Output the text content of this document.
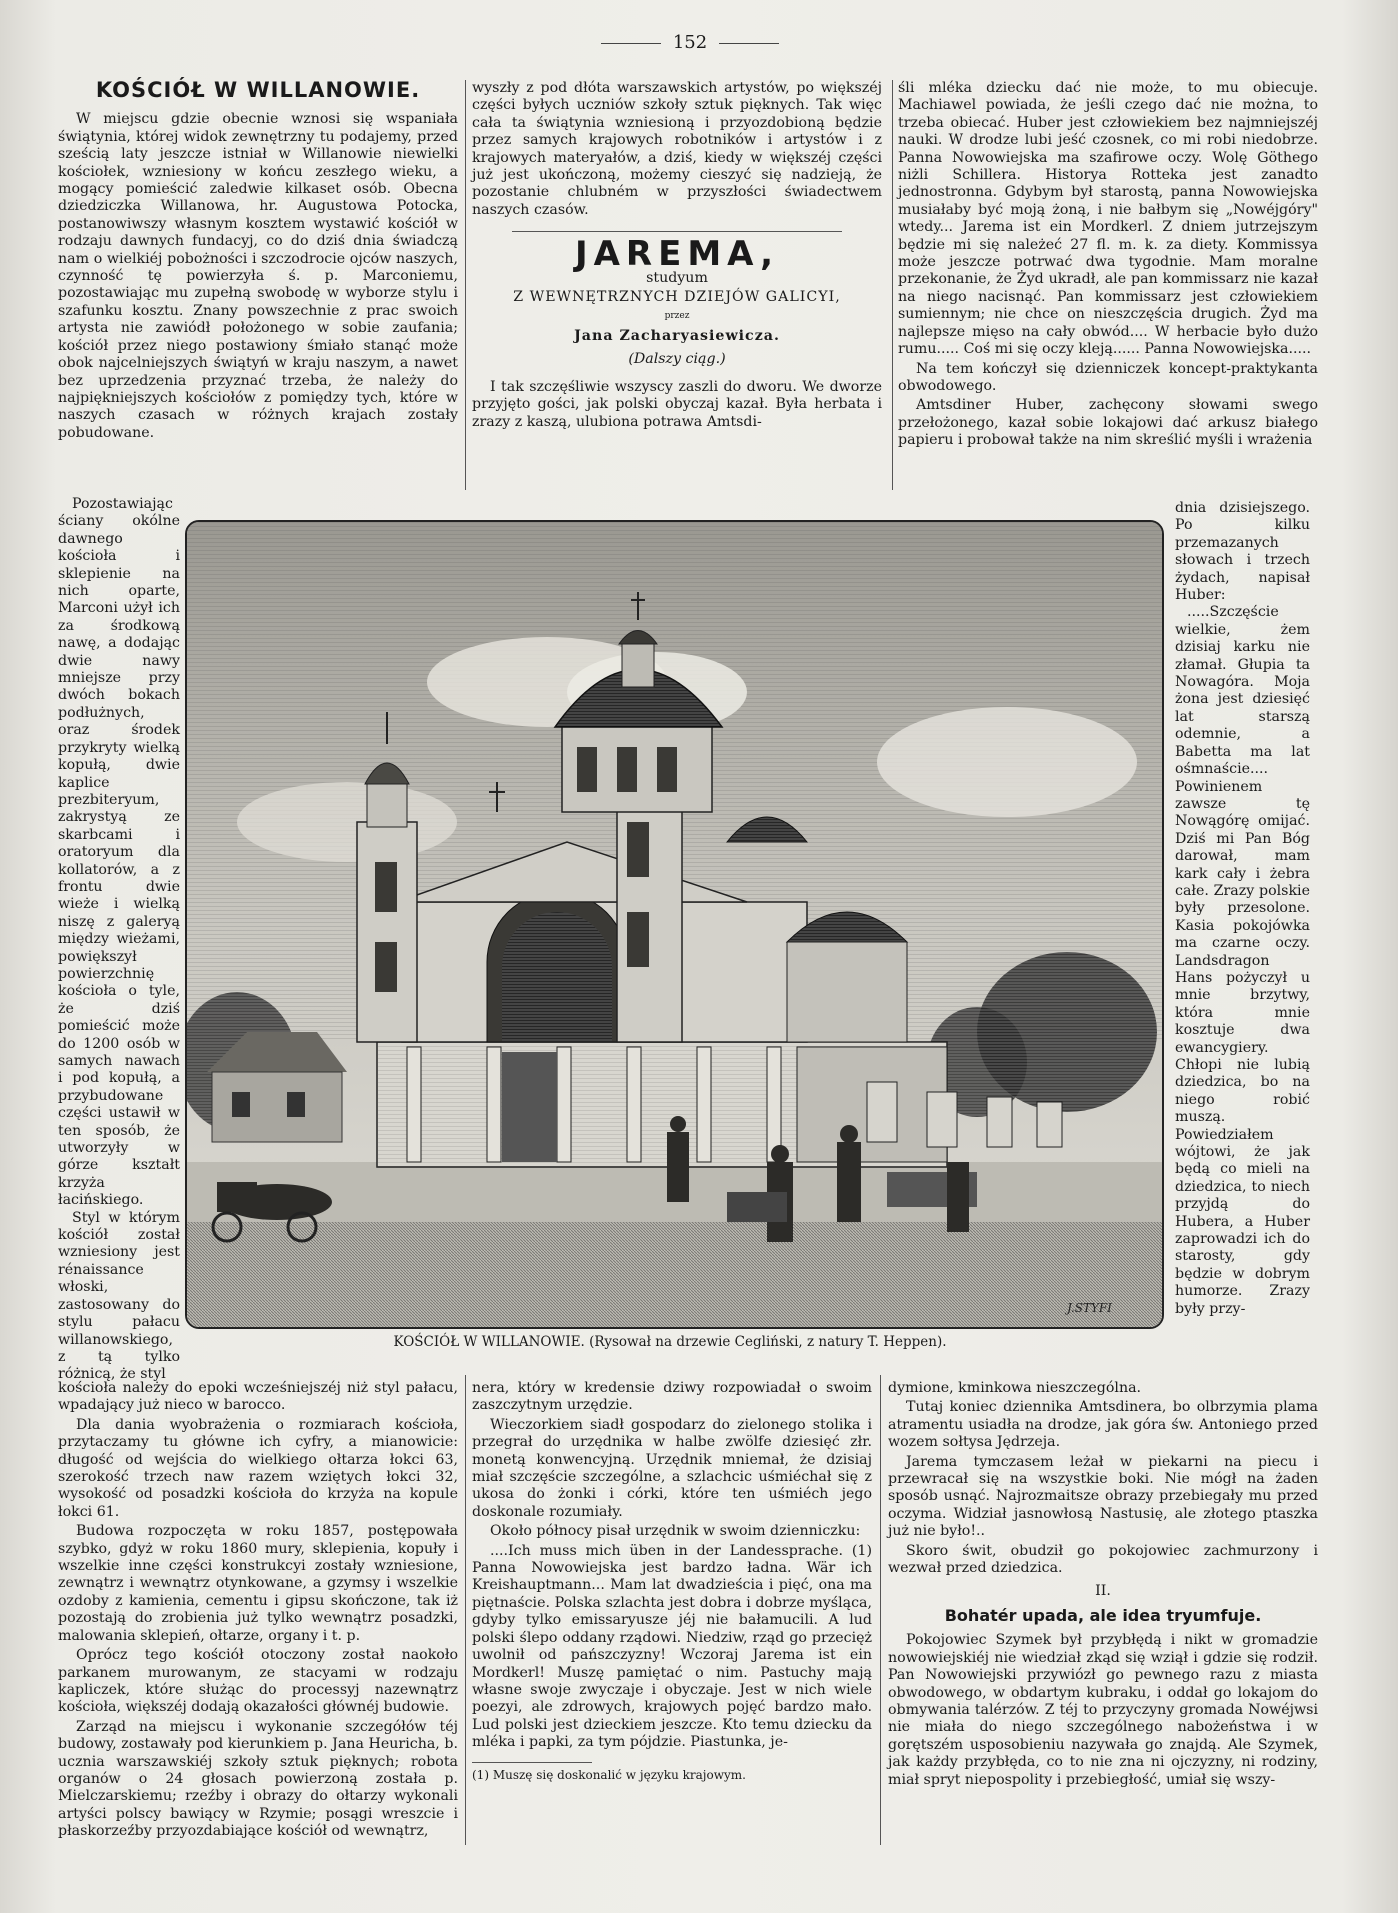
152
KOŚCIÓŁ W WILLANOWIE.

W miejscu gdzie obecnie wznosi się wspaniała świątynia, której widok zewnętrzny tu podajemy, przed sześcią laty jeszcze istniał w Willanowie niewielki kościołek, wzniesiony w końcu zeszłego wieku, a mogący pomieścić zaledwie kilkaset osób. Obecna dziedziczka Willanowa, hr. Augustowa Potocka, postanowiwszy własnym kosztem wystawić kościół w rodzaju dawnych fundacyj, co do dziś dnia świadczą nam o wielkiéj pobożności i szczodrocie ojców naszych, czynność tę powierzyła ś. p. Marconiemu, pozostawiając mu zupełną swobodę w wyborze stylu i szafunku kosztu. Znany powszechnie z prac swoich artysta nie zawiódł położonego w sobie zaufania; kościół przez niego postawiony śmiało stanąć może obok najcelniejszych świątyń w kraju naszym, a nawet bez uprzedzenia przyznać trzeba, że należy do najpiękniejszych kościołów z pomiędzy tych, które w naszych czasach w różnych krajach zostały pobudowane.

Pozostawiając ściany okólne dawnego kościoła i sklepienie na nich oparte, Marconi użył ich za środkową nawę, a dodając dwie nawy mniejsze przy dwóch bokach podłużnych, oraz środek przykryty wielką kopułą, dwie kaplice prezbiteryum, zakrystyą ze skarbcami i oratoryum dla kollatorów, a z frontu dwie wieże i wielką niszę z galeryą między wieżami, powiększył powierzchnię kościoła o tyle, że dziś pomieścić może do 1200 osób w samych nawach i pod kopułą, a przybudowane części ustawił w ten sposób, że utworzyły w górze kształt krzyża łacińskiego.

Styl w którym kościół został wzniesiony jest rénaissance włoski, zastosowany do stylu pałacu willanowskiego, z tą tylko różnicą, że styl

kościoła należy do epoki wcześniejszéj niż styl pałacu, wpadający już nieco w barocco.

Dla dania wyobrażenia o rozmiarach kościoła, przytaczamy tu główne ich cyfry, a mianowicie: długość od wejścia do wielkiego ołtarza łokci 63, szerokość trzech naw razem wziętych łokci 32, wysokość od posadzki kościoła do krzyża na kopule łokci 61.

Budowa rozpoczęta w roku 1857, postępowała szybko, gdyż w roku 1860 mury, sklepienia, kopuły i wszelkie inne części konstrukcyi zostały wzniesione, zewnątrz i wewnątrz otynkowane, a gzymsy i wszelkie ozdoby z kamienia, cementu i gipsu skończone, tak iż pozostają do zrobienia już tylko wewnątrz posadzki, malowania sklepień, ołtarze, organy i t. p.

Oprócz tego kościół otoczony został naokoło parkanem murowanym, ze stacyami w rodzaju kapliczek, które służąc do processyj nazewnątrz kościoła, większéj dodają okazałości głównéj budowie.

Zarząd na miejscu i wykonanie szczegółów téj budowy, zostawały pod kierunkiem p. Jana Heuricha, b. ucznia warszawskiéj szkoły sztuk pięknych; robota organów o 24 głosach powierzoną została p. Mielczarskiemu; rzeźby i obrazy do ołtarzy wykonali artyści polscy bawiący w Rzymie; posągi wreszcie i płaskorzeźby przyozdabiające kościół od wewnątrz,

wyszły z pod dłóta warszawskich artystów, po większéj części byłych uczniów szkoły sztuk pięknych. Tak więc cała ta świątynia wzniesioną i przyozdobioną będzie przez samych krajowych robotników i artystów i z krajowych materyałów, a dziś, kiedy w większéj części już jest ukończoną, możemy cieszyć się nadzieją, że pozostanie chlubném w przyszłości świadectwem naszych czasów.

JAREMA,

studyum

Z WEWNĘTRZNYCH DZIEJÓW GALICYI,

przez

Jana Zacharyasiewicza.

(Dalszy ciąg.)

I tak szczęśliwie wszyscy zaszli do dworu. We dworze przyjęto gości, jak polski obyczaj kazał. Była herbata i zrazy z kaszą, ulubiona potrawa Amtsdi-

śli mléka dziecku dać nie może, to mu obiecuje. Machiawel powiada, że jeśli czego dać nie można, to trzeba obiecać. Huber jest człowiekiem bez najmniejszéj nauki. W drodze lubi jeść czosnek, co mi robi niedobrze. Panna Nowowiejska ma szafirowe oczy. Wolę Göthego niżli Schillera. Historya Rotteka jest zanadto jednostronna. Gdybym był starostą, panna Nowowiejska musiałaby być moją żoną, i nie bałbym się „Nowéjgóry" wtedy... Jarema ist ein Mordkerl. Z dniem jutrzejszym będzie mi się należeć 27 fl. m. k. za diety. Kommissya może jeszcze potrwać dwa tygodnie. Mam moralne przekonanie, że Żyd ukradł, ale pan kommissarz nie kazał na niego nacisnąć. Pan kommissarz jest człowiekiem sumiennym; nie chce on nieszczęścia drugich. Żyd ma najlepsze mięso na cały obwód.... W herbacie było dużo rumu..... Coś mi się oczy kleją...... Panna Nowowiejska.....

Na tem kończył się dzienniczek koncept-praktykanta obwodowego.

Amtsdiner Huber, zachęcony słowami swego przełożonego, kazał sobie lokajowi dać arkusz białego papieru i probował także na nim skreślić myśli i wrażenia

dnia dzisiejszego. Po kilku przemazanych słowach i trzech żydach, napisał Huber:

.....Szczęście wielkie, żem dzisiaj karku nie złamał. Głupia ta Nowagóra. Moja żona jest dziesięć lat starszą odemnie, a Babetta ma lat ośmnaście.... Powinienem zawsze tę Nowągórę omijać. Dziś mi Pan Bóg darował, mam kark cały i żebra całe. Zrazy polskie były przesolone. Kasia pokojówka ma czarne oczy. Landsdragon Hans pożyczył u mnie brzytwy, która mnie kosztuje dwa ewancygiery. Chłopi nie lubią dziedzica, bo na niego robić muszą. Powiedziałem wójtowi, że jak będą co mieli na dziedzica, to niech przyjdą do Hubera, a Huber zaprowadzi ich do starosty, gdy będzie w dobrym humorze. Zrazy były przy-

J.STYFI
KOŚCIÓŁ W WILLANOWIE. (Rysował na drzewie Cegliński, z natury T. Heppen).

nera, który w kredensie dziwy rozpowiadał o swoim zaszczytnym urzędzie.

Wieczorkiem siadł gospodarz do zielonego stolika i przegrał do urzędnika w halbe zwölfe dziesięć złr. monetą konwencyjną. Urzędnik mniemał, że dzisiaj miał szczęście szczególne, a szlachcic uśmiéchał się z ukosa do żonki i córki, które ten uśmiéch jego doskonale rozumiały.

Około północy pisał urzędnik w swoim dzienniczku:

....Ich muss mich üben in der Landessprache. (1) Panna Nowowiejska jest bardzo ładna. Wär ich Kreishauptmann... Mam lat dwadzieścia i pięć, ona ma piętnaście. Polska szlachta jest dobra i dobrze myśląca, gdyby tylko emissaryusze jéj nie bałamucili. A lud polski ślepo oddany rządowi. Niedziw, rząd go przecięż uwolnił od pańszczyzny! Wczoraj Jarema ist ein Mordkerl! Muszę pamiętać o nim. Pastuchy mają własne swoje zwyczaje i obyczaje. Jest w nich wiele poezyi, ale zdrowych, krajowych pojęć bardzo mało. Lud polski jest dzieckiem jeszcze. Kto temu dziecku da mléka i papki, za tym pójdzie. Piastunka, je-

(1) Muszę się doskonalić w języku krajowym.

dymione, kminkowa nieszczególna.

Tutaj koniec dziennika Amtsdinera, bo olbrzymia plama atramentu usiadła na drodze, jak góra św. Antoniego przed wozem sołtysa Jędrzeja.

Jarema tymczasem leżał w piekarni na piecu i przewracał się na wszystkie boki. Nie mógł na żaden sposób usnąć. Najrozmaitsze obrazy przebiegały mu przed oczyma. Widział jasnowłosą Nastusię, ale złotego ptaszka już nie było!..

Skoro świt, obudził go pokojowiec zachmurzony i wezwał przed dziedzica.

II.

Bohatér upada, ale idea tryumfuje.

Pokojowiec Szymek był przybłędą i nikt w gromadzie nowowiejskiéj nie wiedział zkąd się wziął i gdzie się rodził. Pan Nowowiejski przywiózł go pewnego razu z miasta obwodowego, w obdartym kubraku, i oddał go lokajom do obmywania talérzów. Z téj to przyczyny gromada Nowéjwsi nie miała do niego szczególnego nabożeństwa i w gorętszém usposobieniu nazywała go znajdą. Ale Szymek, jak każdy przybłęda, co to nie zna ni ojczyzny, ni rodziny, miał spryt niepospolity i przebiegłość, umiał się wszy-
